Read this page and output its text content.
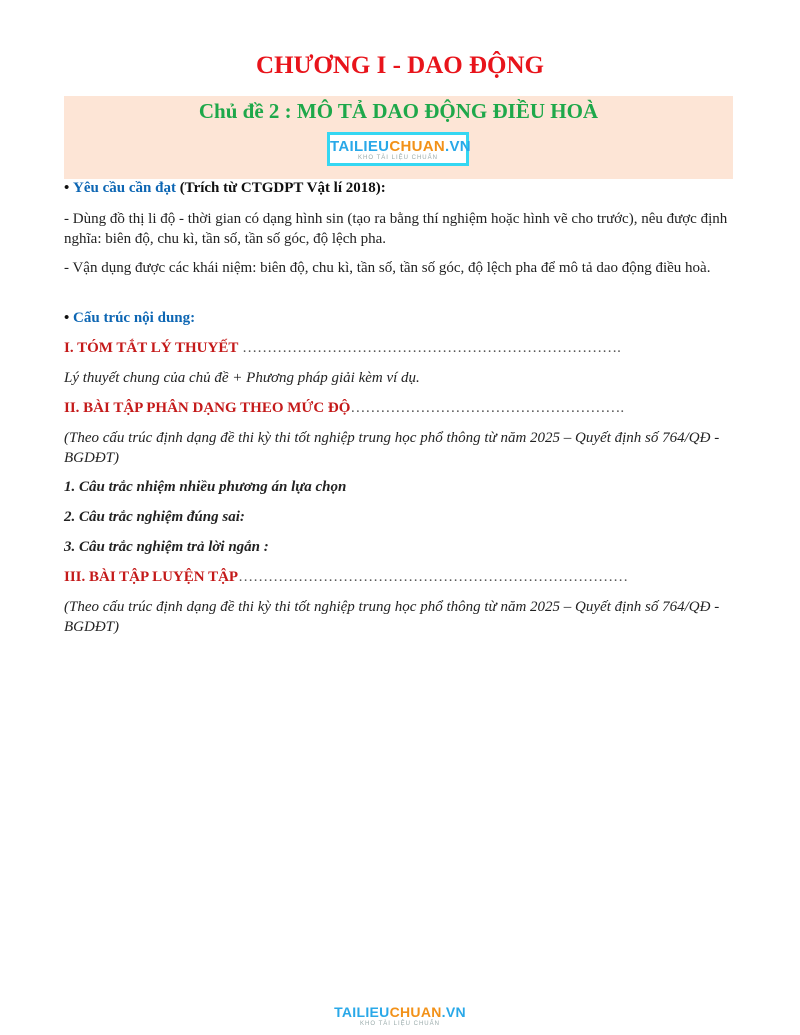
CHƯƠNG I - DAO ĐỘNG
Chủ đề 2 : MÔ TẢ DAO ĐỘNG ĐIỀU HOÀ
TAILIEUCHUAN.VN
KHO TÀI LIỆU CHUẨN

• Yêu cầu cần đạt (Trích từ CTGDPT Vật lí 2018):

- Dùng đồ thị li độ - thời gian có dạng hình sin (tạo ra bằng thí nghiệm hoặc hình vẽ cho trước), nêu được định nghĩa: biên độ, chu kì, tần số, tần số góc, độ lệch pha.

- Vận dụng được các khái niệm: biên độ, chu kì, tần số, tần số góc, độ lệch pha để mô tả dao động điều hoà.

• Cấu trúc nội dung:

I. TÓM TẮT LÝ THUYẾT ………………………………………………………………….

Lý thuyết chung của chủ đề + Phương pháp giải kèm ví dụ.

II. BÀI TẬP PHÂN DẠNG THEO MỨC ĐỘ……………………………………………….

(Theo cấu trúc định dạng đề thi kỳ thi tốt nghiệp trung học phổ thông từ năm 2025 – Quyết định số 764/QĐ - BGDĐT)

1. Câu trắc nhiệm nhiều phương án lựa chọn

2. Câu trắc nghiệm đúng sai:

3. Câu trắc nghiệm trả lời ngắn :

III. BÀI TẬP LUYỆN TẬP……………………………………………………………………

(Theo cấu trúc định dạng đề thi kỳ thi tốt nghiệp trung học phổ thông từ năm 2025 – Quyết định số 764/QĐ - BGDĐT)

TAILIEUCHUAN.VN
KHO TÀI LIỆU CHUẨN
